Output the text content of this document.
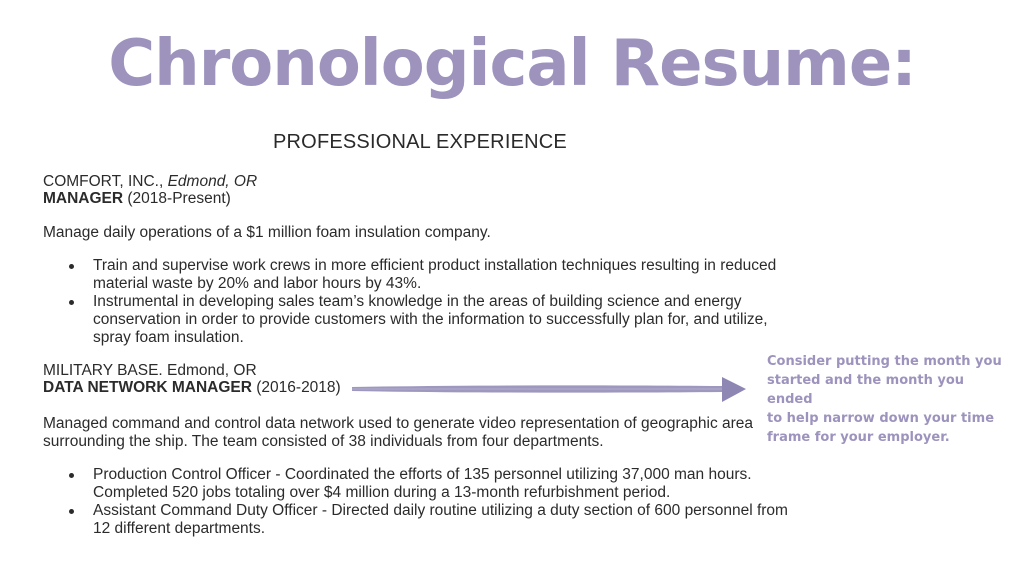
Chronological Resume:
PROFESSIONAL EXPERIENCE
COMFORT, INC., Edmond, OR
MANAGER (2018-Present)
Manage daily operations of a $1 million foam insulation company.
Train and supervise work crews in more efficient product installation techniques resulting in reduced
material waste by 20% and labor hours by 43%.
Instrumental in developing sales team’s knowledge in the areas of building science and energy
conservation in order to provide customers with the information to successfully plan for, and utilize,
spray foam insulation.
MILITARY BASE. Edmond, OR
DATA NETWORK MANAGER (2016-2018)
Managed command and control data network used to generate video representation of geographic area
surrounding the ship. The team consisted of 38 individuals from four departments.
Production Control Officer - Coordinated the efforts of 135 personnel utilizing 37,000 man hours.
Completed 520 jobs totaling over $4 million during a 13-month refurbishment period.
Assistant Command Duty Officer - Directed daily routine utilizing a duty section of 600 personnel from
12 different departments.
Consider putting the month you
started and the month you ended
to help narrow down your time
frame for your employer.
